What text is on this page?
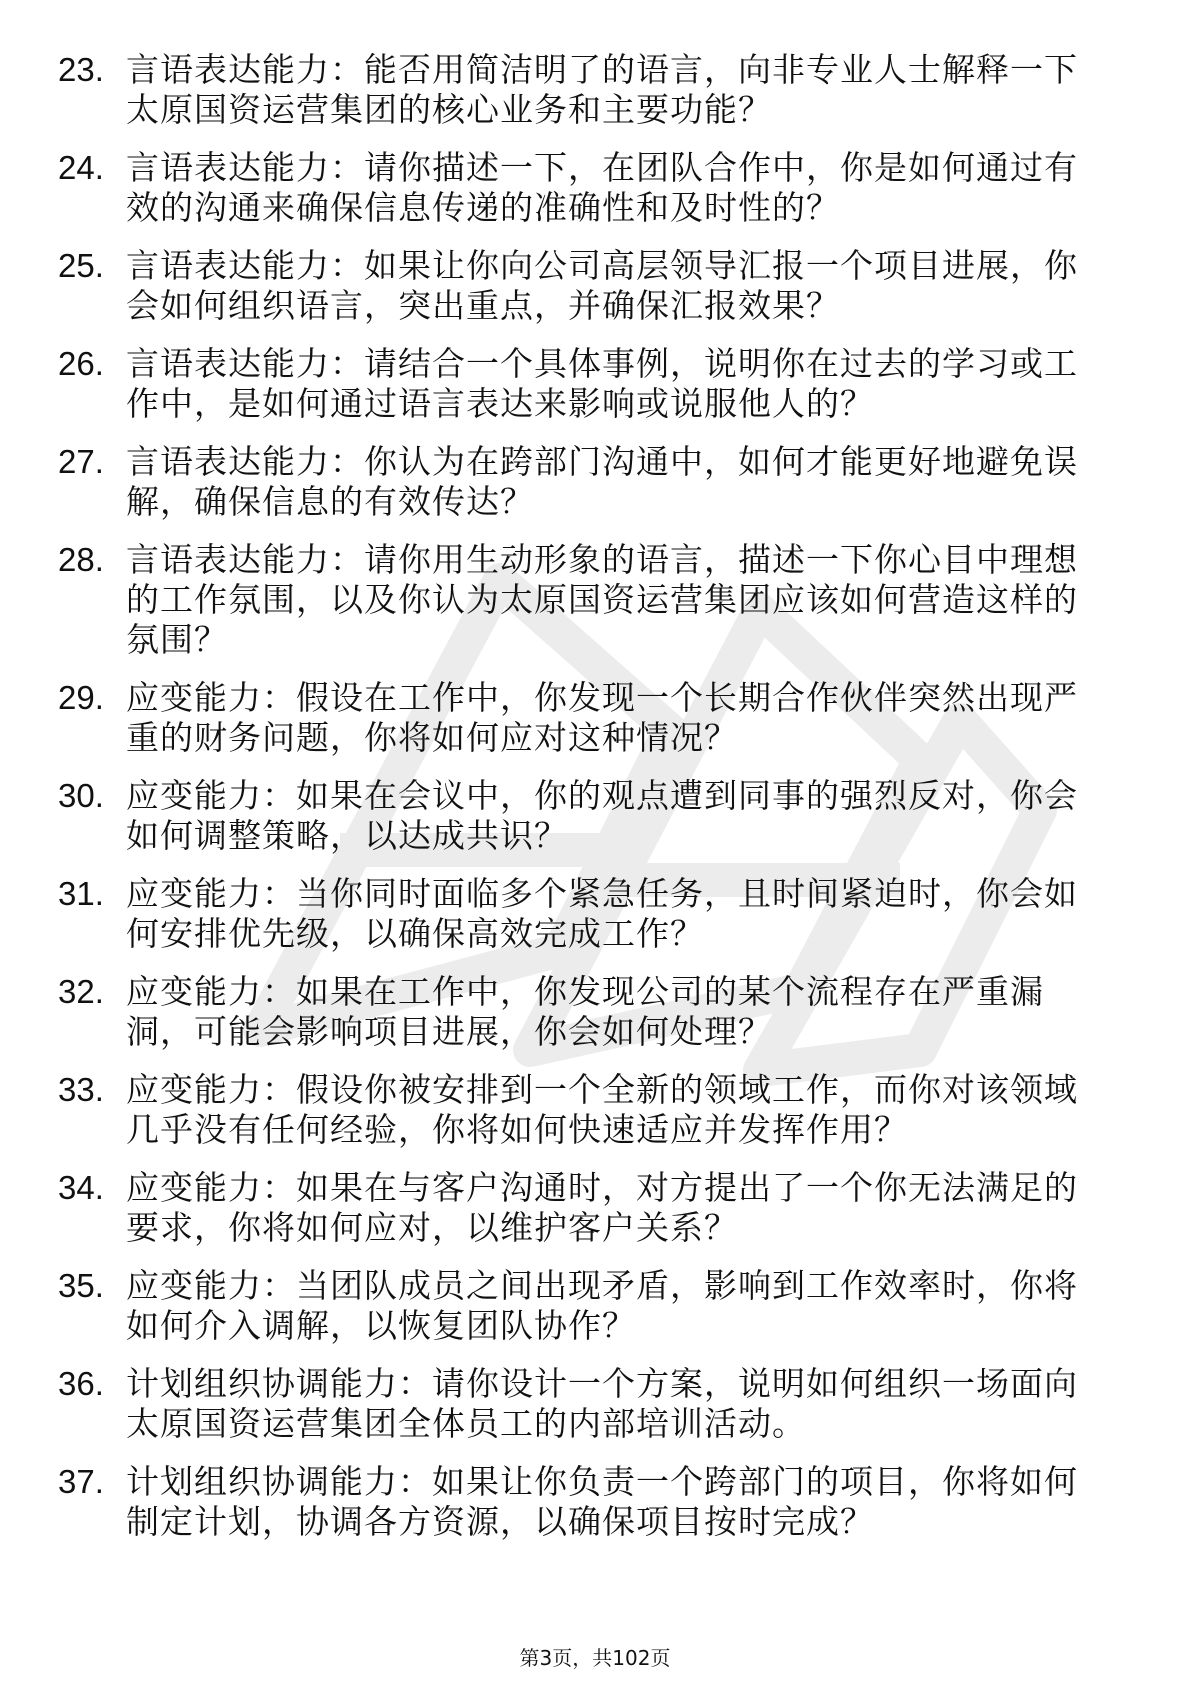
23. 言语表达能力：能否用简洁明了的语言，向非专业人士解释一下太原国资运营集团的核心业务和主要功能？
24. 言语表达能力：请你描述一下，在团队合作中，你是如何通过有效的沟通来确保信息传递的准确性和及时性的？
25. 言语表达能力：如果让你向公司高层领导汇报一个项目进展，你会如何组织语言，突出重点，并确保汇报效果？
26. 言语表达能力：请结合一个具体事例，说明你在过去的学习或工作中，是如何通过语言表达来影响或说服他人的？
27. 言语表达能力：你认为在跨部门沟通中，如何才能更好地避免误解，确保信息的有效传达？
28. 言语表达能力：请你用生动形象的语言，描述一下你心目中理想的工作氛围，以及你认为太原国资运营集团应该如何营造这样的氛围？
29. 应变能力：假设在工作中，你发现一个长期合作伙伴突然出现严重的财务问题，你将如何应对这种情况？
30. 应变能力：如果在会议中，你的观点遭到同事的强烈反对，你会如何调整策略，以达成共识？
31. 应变能力：当你同时面临多个紧急任务，且时间紧迫时，你会如何安排优先级，以确保高效完成工作？
32. 应变能力：如果在工作中，你发现公司的某个流程存在严重漏洞，可能会影响项目进展，你会如何处理？
33. 应变能力：假设你被安排到一个全新的领域工作，而你对该领域几乎没有任何经验，你将如何快速适应并发挥作用？
34. 应变能力：如果在与客户沟通时，对方提出了一个你无法满足的要求，你将如何应对，以维护客户关系？
35. 应变能力：当团队成员之间出现矛盾，影响到工作效率时，你将如何介入调解，以恢复团队协作？
36. 计划组织协调能力：请你设计一个方案，说明如何组织一场面向太原国资运营集团全体员工的内部培训活动。
37. 计划组织协调能力：如果让你负责一个跨部门的项目，你将如何制定计划，协调各方资源，以确保项目按时完成？
第3页，共102页
